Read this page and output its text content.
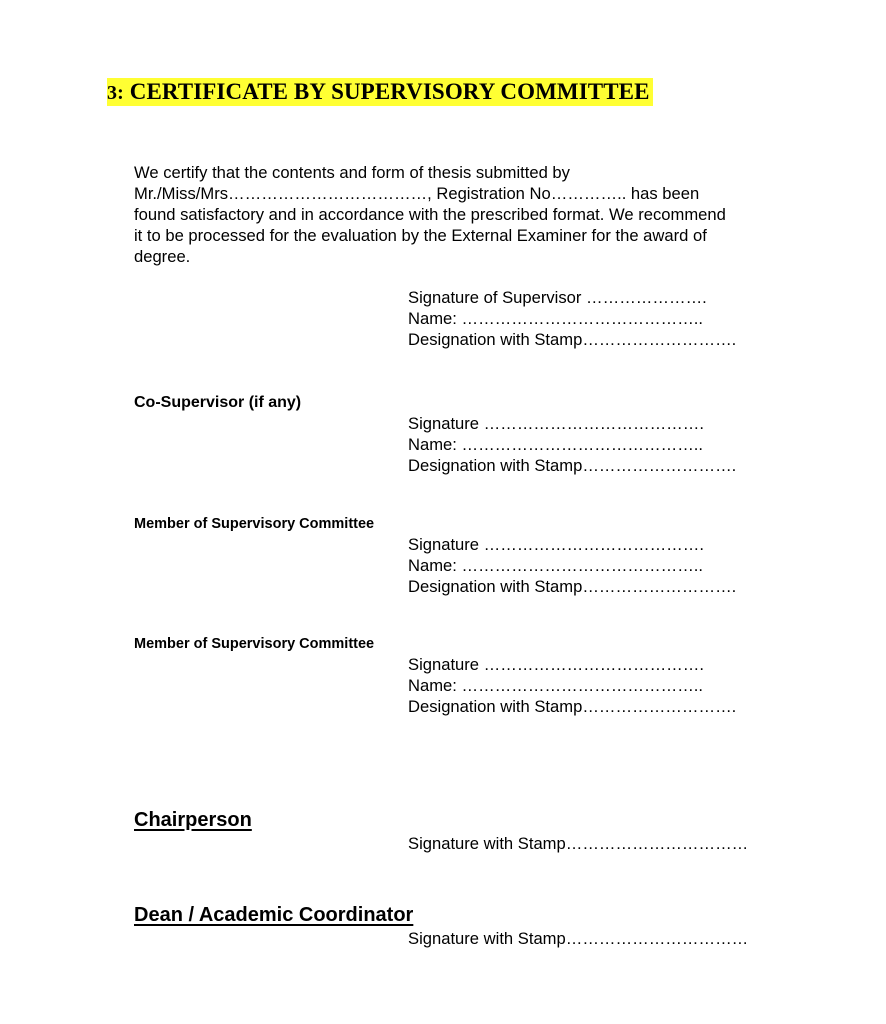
3: CERTIFICATE BY SUPERVISORY COMMITTEE
We certify that the contents and form of thesis submitted by
Mr./Miss/Mrs………………………………, Registration No………….. has been
found satisfactory and in accordance with the prescribed format. We recommend
it to be processed for the evaluation by the External Examiner for the award of
degree.
Signature of Supervisor ………………….
Name: ……………………………………..
Designation with Stamp……………………….
Co-Supervisor (if any)
Signature ………………………………….
Name: ……………………………………..
Designation with Stamp……………………….
Member of Supervisory Committee
Signature ………………………………….
Name: ……………………………………..
Designation with Stamp……………………….
Member of Supervisory Committee
Signature ………………………………….
Name: ……………………………………..
Designation with Stamp……………………….
Chairperson
Signature with Stamp……………………………
Dean / Academic Coordinator
Signature with Stamp……………………………
